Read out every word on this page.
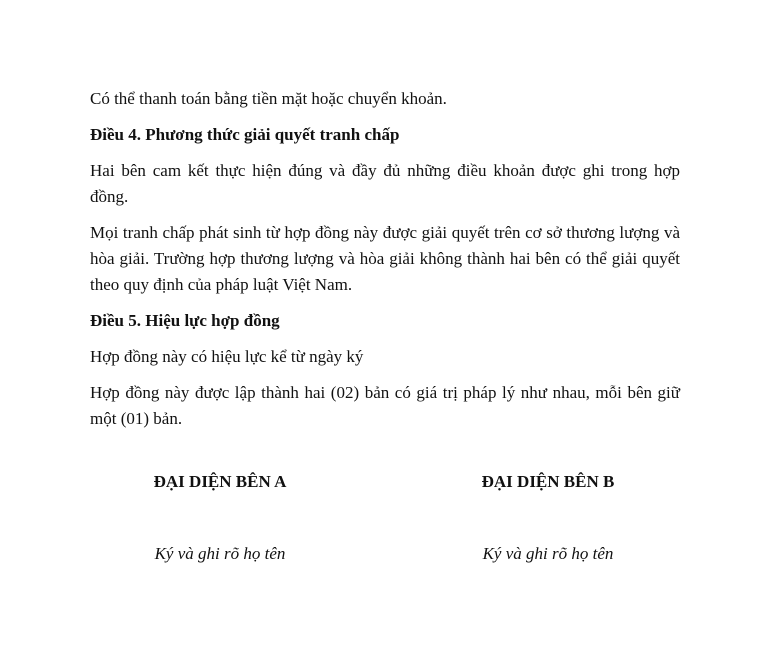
Có thể thanh toán bằng tiền mặt hoặc chuyển khoản.

Điều 4. Phương thức giải quyết tranh chấp

Hai bên cam kết thực hiện đúng và đầy đủ những điều khoản được ghi trong hợp đồng.

Mọi tranh chấp phát sinh từ hợp đồng này được giải quyết trên cơ sở thương lượng và hòa giải. Trường hợp thương lượng và hòa giải không thành hai bên có thể giải quyết theo quy định của pháp luật Việt Nam.

Điều 5. Hiệu lực hợp đồng

Hợp đồng này có hiệu lực kể từ ngày ký

Hợp đồng này được lập thành hai (02) bản có giá trị pháp lý như nhau, mỗi bên giữ một (01) bản.

ĐẠI DIỆN BÊN A

Ký và ghi rõ họ tên

ĐẠI DIỆN BÊN B

Ký và ghi rõ họ tên
